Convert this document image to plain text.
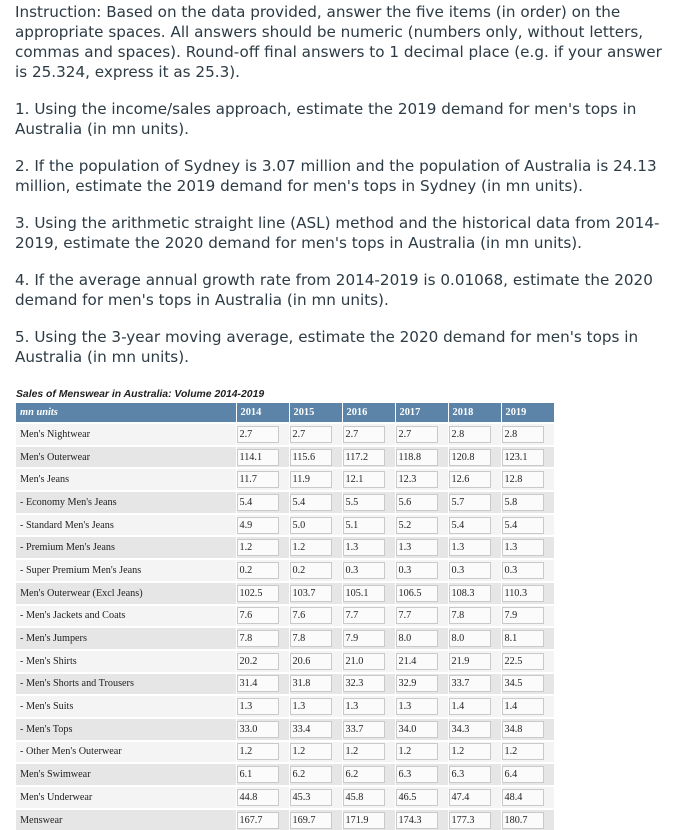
Instruction: Based on the data provided, answer the five items (in order) on the appropriate spaces. All answers should be numeric (numbers only, without letters, commas and spaces). Round-off final answers to 1 decimal place (e.g. if your answer is 25.324, express it as 25.3).

1. Using the income/sales approach, estimate the 2019 demand for men's tops in Australia (in mn units).

2. If the population of Sydney is 3.07 million and the population of Australia is 24.13 million, estimate the 2019 demand for men's tops in Sydney (in mn units).

3. Using the arithmetic straight line (ASL) method and the historical data from 2014-2019, estimate the 2020 demand for men's tops in Australia (in mn units).

4. If the average annual growth rate from 2014-2019 is 0.01068, estimate the 2020 demand for men's tops in Australia (in mn units).

5. Using the 3-year moving average, estimate the 2020 demand for men's tops in Australia (in mn units).

Sales of Menswear in Australia: Volume 2014-2019
mn units	2014	2015	2016	2017	2018	2019
Men's Nightwear	2.7	2.7	2.7	2.7	2.8	2.8
Men's Outerwear	114.1	115.6	117.2	118.8	120.8	123.1
Men's Jeans	11.7	11.9	12.1	12.3	12.6	12.8
- Economy Men's Jeans	5.4	5.4	5.5	5.6	5.7	5.8
- Standard Men's Jeans	4.9	5.0	5.1	5.2	5.4	5.4
- Premium Men's Jeans	1.2	1.2	1.3	1.3	1.3	1.3
- Super Premium Men's Jeans	0.2	0.2	0.3	0.3	0.3	0.3
Men's Outerwear (Excl Jeans)	102.5	103.7	105.1	106.5	108.3	110.3
- Men's Jackets and Coats	7.6	7.6	7.7	7.7	7.8	7.9
- Men's Jumpers	7.8	7.8	7.9	8.0	8.0	8.1
- Men's Shirts	20.2	20.6	21.0	21.4	21.9	22.5
- Men's Shorts and Trousers	31.4	31.8	32.3	32.9	33.7	34.5
- Men's Suits	1.3	1.3	1.3	1.3	1.4	1.4
- Men's Tops	33.0	33.4	33.7	34.0	34.3	34.8
- Other Men's Outerwear	1.2	1.2	1.2	1.2	1.2	1.2
Men's Swimwear	6.1	6.2	6.2	6.3	6.3	6.4
Men's Underwear	44.8	45.3	45.8	46.5	47.4	48.4
Menswear	167.7	169.7	171.9	174.3	177.3	180.7
